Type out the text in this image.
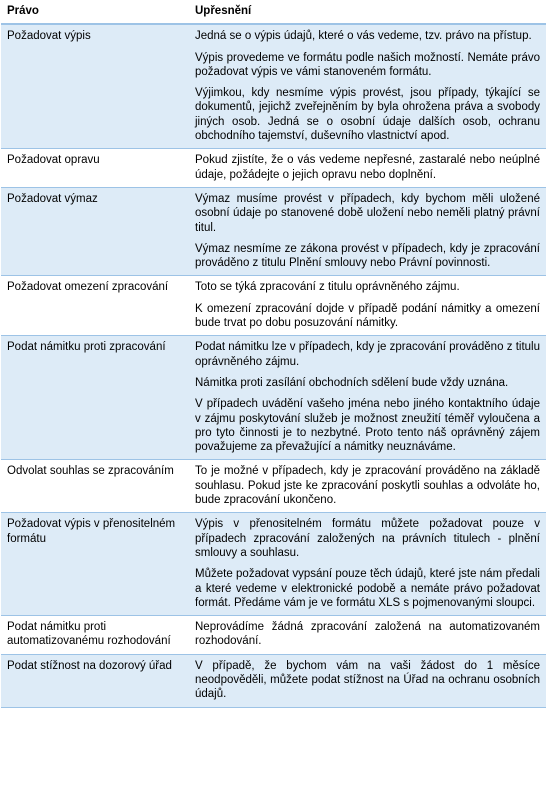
Právo	Upřesnění
Požadovat výpis	Jedná se o výpis údajů, které o vás vedeme, tzv. právo na přístup.

Výpis provedeme ve formátu podle našich možností. Nemáte právo požadovat výpis ve vámi stanoveném formátu.

Výjimkou, kdy nesmíme výpis provést, jsou případy, týkající se dokumentů, jejichž zveřejněním by byla ohrožena práva a svobody jiných osob. Jedná se o osobní údaje dalších osob, ochranu obchodního tajemství, duševního vlastnictví apod.

Požadovat opravu	Pokud zjistíte, že o vás vedeme nepřesné, zastaralé nebo neúplné údaje, požádejte o jejich opravu nebo doplnění.

Požadovat výmaz	Výmaz musíme provést v případech, kdy bychom měli uložené osobní údaje po stanovené době uložení nebo neměli platný právní titul.

Výmaz nesmíme ze zákona provést v případech, kdy je zpracování prováděno z titulu Plnění smlouvy nebo Právní povinnosti.

Požadovat omezení zpracování	Toto se týká zpracování z titulu oprávněného zájmu.

K omezení zpracování dojde v případě podání námitky a omezení bude trvat po dobu posuzování námitky.

Podat námitku proti zpracování	Podat námitku lze v případech, kdy je zpracování prováděno z titulu oprávněného zájmu.

Námitka proti zasílání obchodních sdělení bude vždy uznána.

V případech uvádění vašeho jména nebo jiného kontaktního údaje v zájmu poskytování služeb je možnost zneužití téměř vyloučena a pro tyto činnosti je to nezbytné. Proto tento náš oprávněný zájem považujeme za převažující a námitky neuznáváme.

Odvolat souhlas se zpracováním	To je možné v případech, kdy je zpracování prováděno na základě souhlasu. Pokud jste ke zpracování poskytli souhlas a odvoláte ho, bude zpracování ukončeno.

Požadovat výpis v přenositelném formátu	Výpis v přenositelném formátu můžete požadovat pouze v případech zpracování založených na právních titulech - plnění smlouvy a souhlasu.

Můžete požadovat vypsání pouze těch údajů, které jste nám předali a které vedeme v elektronické podobě a nemáte právo požadovat formát. Předáme vám je ve formátu XLS s pojmenovanými sloupci.

Podat námitku proti automatizovanému rozhodování	Neprovádíme žádná zpracování založená na automatizovaném rozhodování.

Podat stížnost na dozorový úřad	V případě, že bychom vám na vaši žádost do 1 měsíce neodpověděli, můžete podat stížnost na Úřad na ochranu osobních údajů.
